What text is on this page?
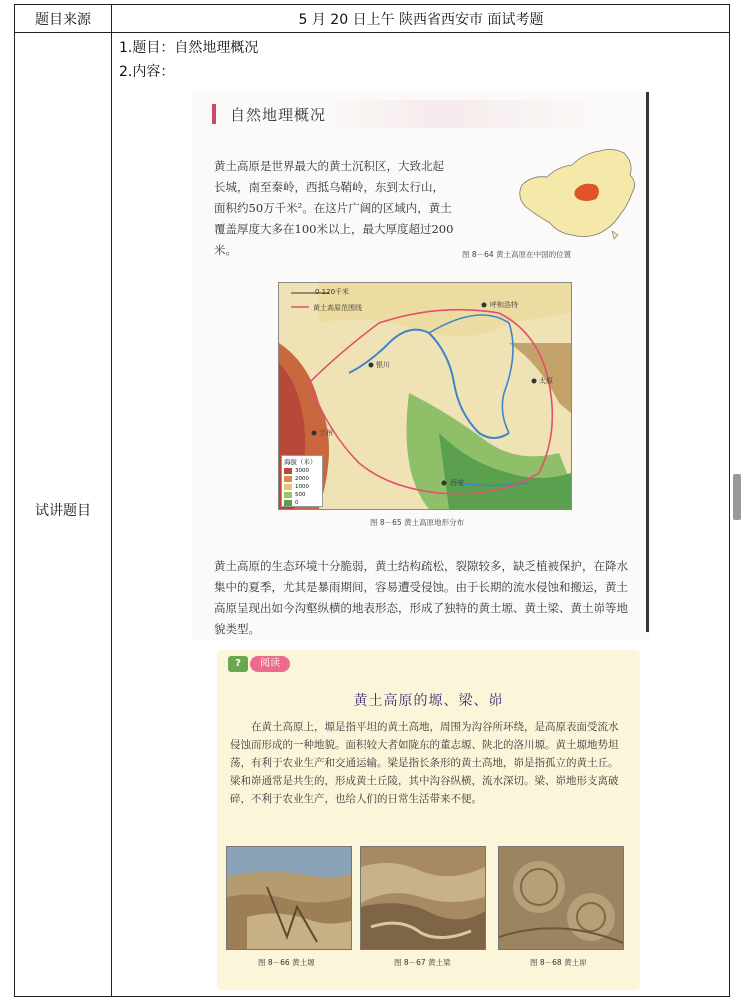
题目来源	5 月 20 日上午 陕西省西安市 面试考题
试讲题目
1.题目：自然地理概况
2.内容：
自然地理概况
黄土高原是世界最大的黄土沉积区，大致北起长城，南至秦岭，西抵乌鞘岭，东到太行山，面积约50万千米²。在这片广阔的区域内，黄土覆盖厚度大多在100米以上，最大厚度超过200米。	图 8－64 黄土高原在中国的位置
0 120千米
黄土高原范围线	呼和浩特
银川
太原
西安
兰州
海拔（米）
3000
2000
1000
500
0
图 8－65 黄土高原地形分布
黄土高原的生态环境十分脆弱，黄土结构疏松，裂隙较多，缺乏植被保护，在降水集中的夏季，尤其是暴雨期间，容易遭受侵蚀。由于长期的流水侵蚀和搬运，黄土高原呈现出如今沟壑纵横的地表形态，形成了独特的黄土塬、黄土梁、黄土峁等地貌类型。
?	阅读
黄土高原的塬、梁、峁
在黄土高原上，塬是指平坦的黄土高地，周围为沟谷所环绕，是高原表面受流水侵蚀而形成的一种地貌。面积较大者如陇东的董志塬、陕北的洛川塬。黄土塬地势坦荡，有利于农业生产和交通运输。梁是指长条形的黄土高地，峁是指孤立的黄土丘。梁和峁通常是共生的，形成黄土丘陵，其中沟谷纵横，流水深切。梁、峁地形支离破碎，不利于农业生产，也给人们的日常生活带来不便。
图 8－66 黄土塬	图 8－67 黄土梁	图 8－68 黄土峁
